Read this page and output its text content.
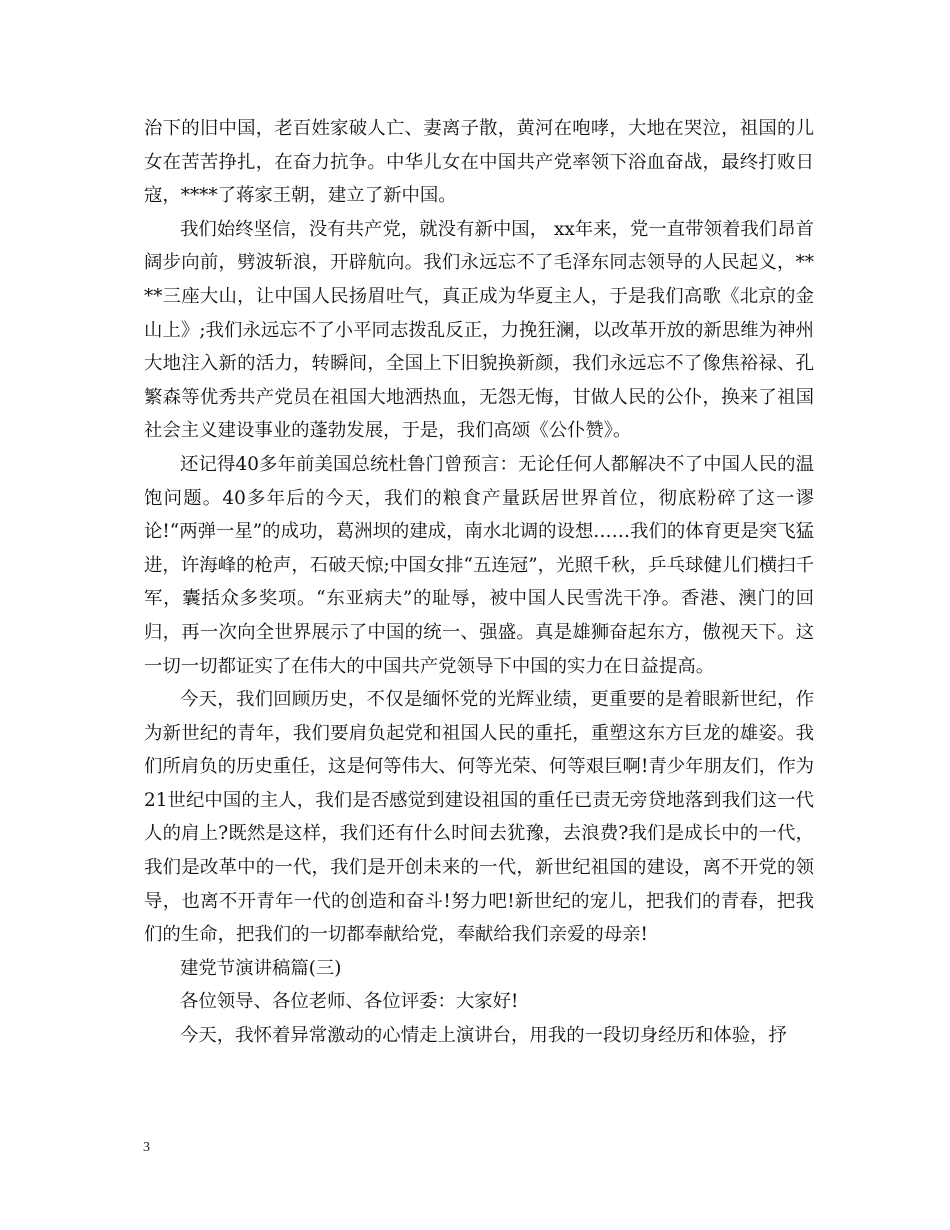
治下的旧中国，老百姓家破人亡、妻离子散，黄河在咆哮，大地在哭泣，祖国的儿女在苦苦挣扎，在奋力抗争。中华儿女在中国共产党率领下浴血奋战，最终打败日寇，****了蒋家王朝，建立了新中国。

我们始终坚信，没有共产党，就没有新中国， xx年来，党一直带领着我们昂首阔步向前，劈波斩浪，开辟航向。我们永远忘不了毛泽东同志领导的人民起义，****三座大山，让中国人民扬眉吐气，真正成为华夏主人，于是我们高歌《北京的金山上》;我们永远忘不了小平同志拨乱反正，力挽狂澜，以改革开放的新思维为神州大地注入新的活力，转瞬间，全国上下旧貌换新颜，我们永远忘不了像焦裕禄、孔繁森等优秀共产党员在祖国大地洒热血，无怨无悔，甘做人民的公仆，换来了祖国社会主义建设事业的蓬勃发展，于是，我们高颂《公仆赞》。

还记得40多年前美国总统杜鲁门曾预言：无论任何人都解决不了中国人民的温饱问题。40多年后的今天，我们的粮食产量跃居世界首位，彻底粉碎了这一谬论!“两弹一星”的成功，葛洲坝的建成，南水北调的设想……我们的体育更是突飞猛进，许海峰的枪声，石破天惊;中国女排“五连冠”，光照千秋，乒乓球健儿们横扫千军，囊括众多奖项。“东亚病夫”的耻辱，被中国人民雪洗干净。香港、澳门的回归，再一次向全世界展示了中国的统一、强盛。真是雄狮奋起东方，傲视天下。这一切一切都证实了在伟大的中国共产党领导下中国的实力在日益提高。

今天，我们回顾历史，不仅是缅怀党的光辉业绩，更重要的是着眼新世纪，作为新世纪的青年，我们要肩负起党和祖国人民的重托，重塑这东方巨龙的雄姿。我们所肩负的历史重任，这是何等伟大、何等光荣、何等艰巨啊!青少年朋友们，作为21世纪中国的主人，我们是否感觉到建设祖国的重任已责无旁贷地落到我们这一代人的肩上?既然是这样，我们还有什么时间去犹豫，去浪费?我们是成长中的一代，我们是改革中的一代，我们是开创未来的一代，新世纪祖国的建设，离不开党的领导，也离不开青年一代的创造和奋斗!努力吧!新世纪的宠儿，把我们的青春，把我们的生命，把我们的一切都奉献给党，奉献给我们亲爱的母亲!

建党节演讲稿篇(三)

各位领导、各位老师、各位评委：大家好!

今天，我怀着异常激动的心情走上演讲台，用我的一段切身经历和体验，抒

3
